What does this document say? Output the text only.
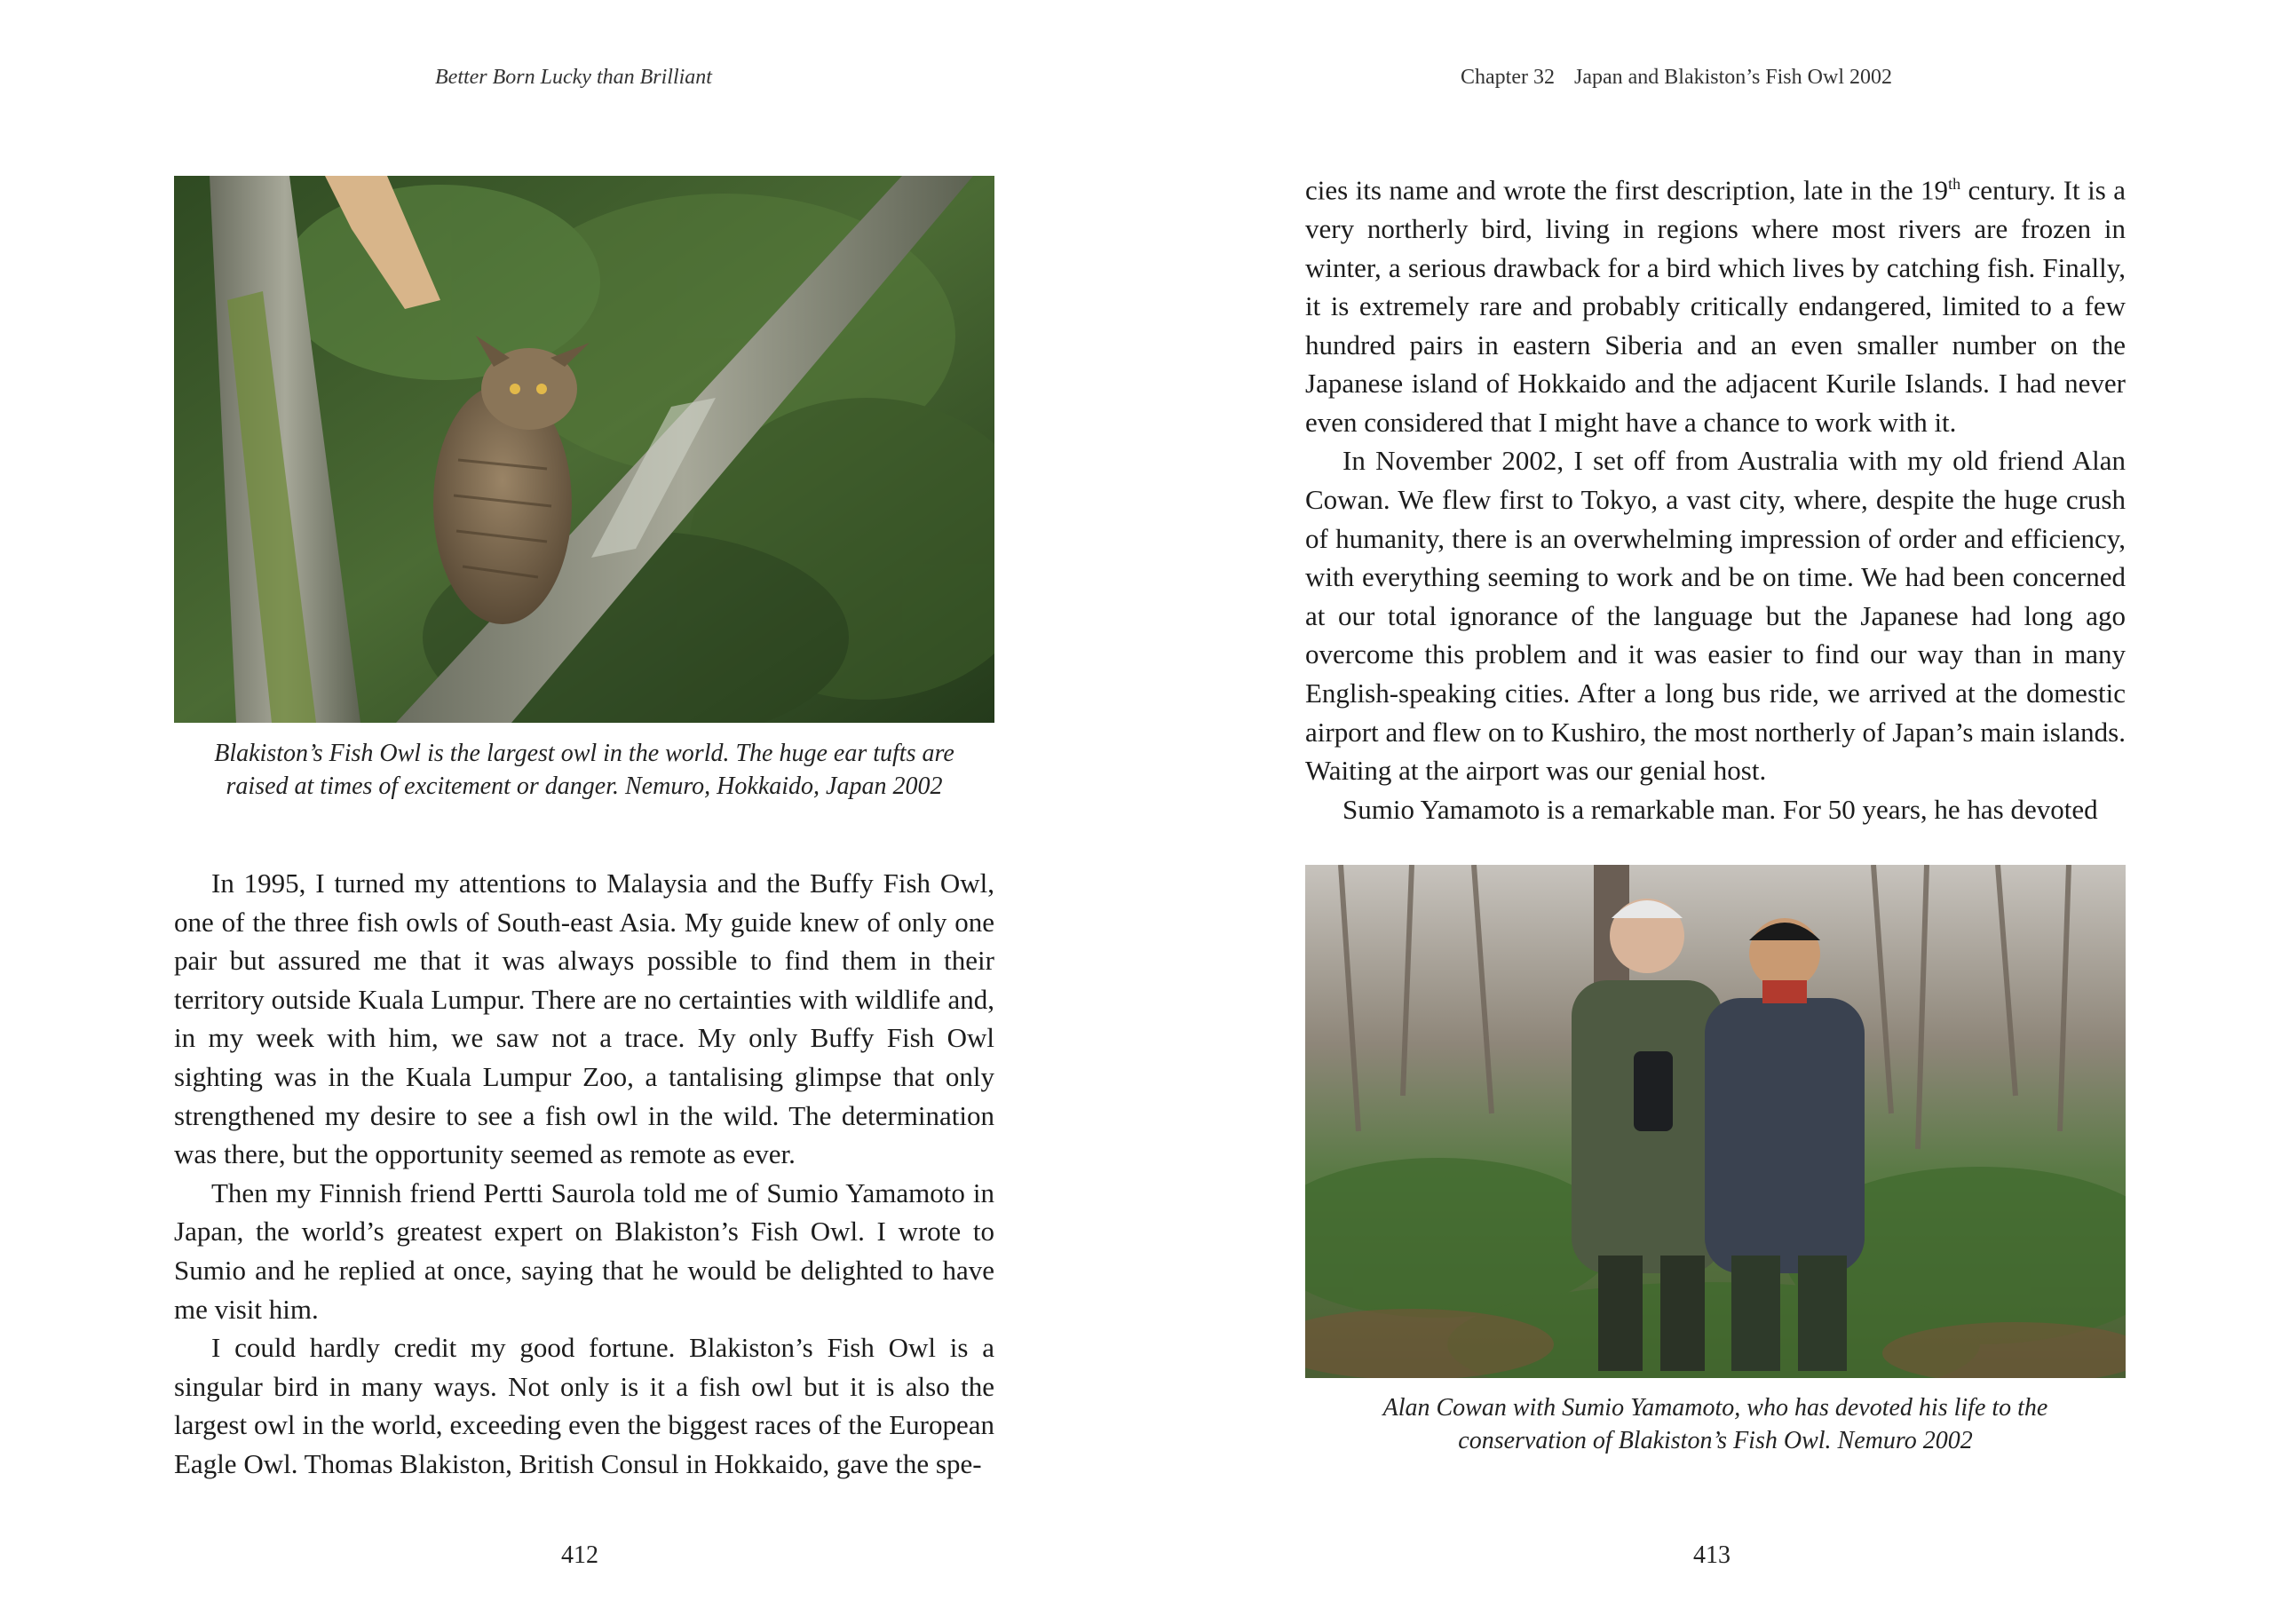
Better Born Lucky than Brilliant
Blakiston’s Fish Owl is the largest owl in the world. The huge ear tufts are
raised at times of excitement or danger. Nemuro, Hokkaido, Japan 2002

In 1995, I turned my attentions to Malaysia and the Buffy Fish Owl, one of the three fish owls of South-east Asia. My guide knew of only one pair but assured me that it was always possible to find them in their territory outside Kuala Lumpur. There are no certainties with wildlife and, in my week with him, we saw not a trace. My only Buffy Fish Owl sighting was in the Kuala Lumpur Zoo, a tantalising glimpse that only strengthened my desire to see a fish owl in the wild. The determination was there, but the opportunity seemed as remote as ever.

Then my Finnish friend Pertti Saurola told me of Sumio Yamamoto in Japan, the world’s greatest expert on Blakiston’s Fish Owl. I wrote to Sumio and he replied at once, saying that he would be delighted to have me visit him.

I could hardly credit my good fortune. Blakiston’s Fish Owl is a singular bird in many ways. Not only is it a fish owl but it is also the largest owl in the world, exceeding even the biggest races of the European Eagle Owl. Thomas Blakiston, British Consul in Hokkaido, gave the spe-

412
Chapter 32 Japan and Blakiston’s Fish Owl 2002

cies its name and wrote the first description, late in the 19th century. It is a very northerly bird, living in regions where most rivers are frozen in winter, a serious drawback for a bird which lives by catching fish. Finally, it is extremely rare and probably critically endangered, limited to a few hundred pairs in eastern Siberia and an even smaller number on the Japanese island of Hokkaido and the adjacent Kurile Islands. I had never even considered that I might have a chance to work with it.

In November 2002, I set off from Australia with my old friend Alan Cowan. We flew first to Tokyo, a vast city, where, despite the huge crush of humanity, there is an overwhelming impression of order and efficiency, with everything seeming to work and be on time. We had been concerned at our total ignorance of the language but the Japanese had long ago overcome this problem and it was easier to find our way than in many English-speaking cities. After a long bus ride, we arrived at the domestic airport and flew on to Kushiro, the most northerly of Japan’s main islands. Waiting at the airport was our genial host.

Sumio Yamamoto is a remarkable man. For 50 years, he has devoted

Alan Cowan with Sumio Yamamoto, who has devoted his life to the
conservation of Blakiston’s Fish Owl. Nemuro 2002
413
